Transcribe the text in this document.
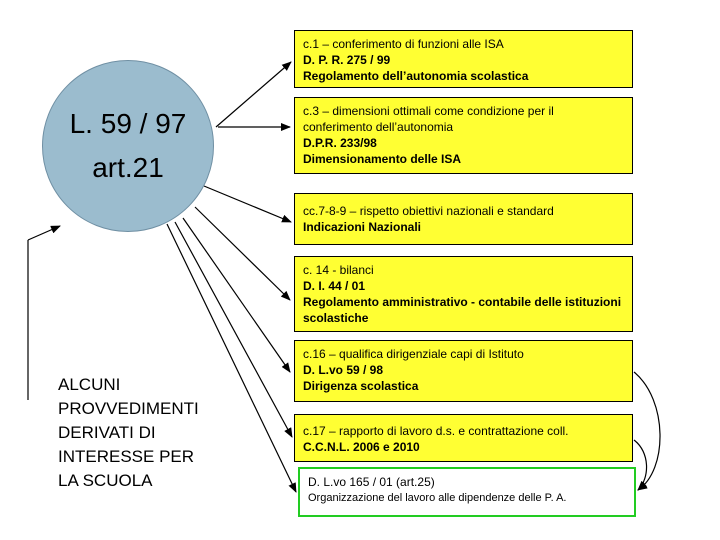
L. 59 / 97
art.21
ALCUNI
PROVVEDIMENTI
DERIVATI DI
INTERESSE PER
LA SCUOLA
c.1 – conferimento di funzioni alle ISA
D. P. R. 275 / 99
Regolamento dell’autonomia scolastica
c.3 – dimensioni ottimali come condizione per il conferimento dell’autonomia
D.P.R. 233/98
Dimensionamento delle ISA
cc.7-8-9 – rispetto obiettivi nazionali e standard
Indicazioni Nazionali
c. 14 - bilanci
D. I. 44 / 01
Regolamento amministrativo - contabile delle istituzioni scolastiche
c.16 – qualifica dirigenziale capi di Istituto
D. L.vo 59 / 98
Dirigenza scolastica
c.17 – rapporto di lavoro d.s. e contrattazione coll.
C.C.N.L. 2006 e 2010
D. L.vo 165 / 01 (art.25)
Organizzazione del lavoro alle dipendenze delle P. A.
